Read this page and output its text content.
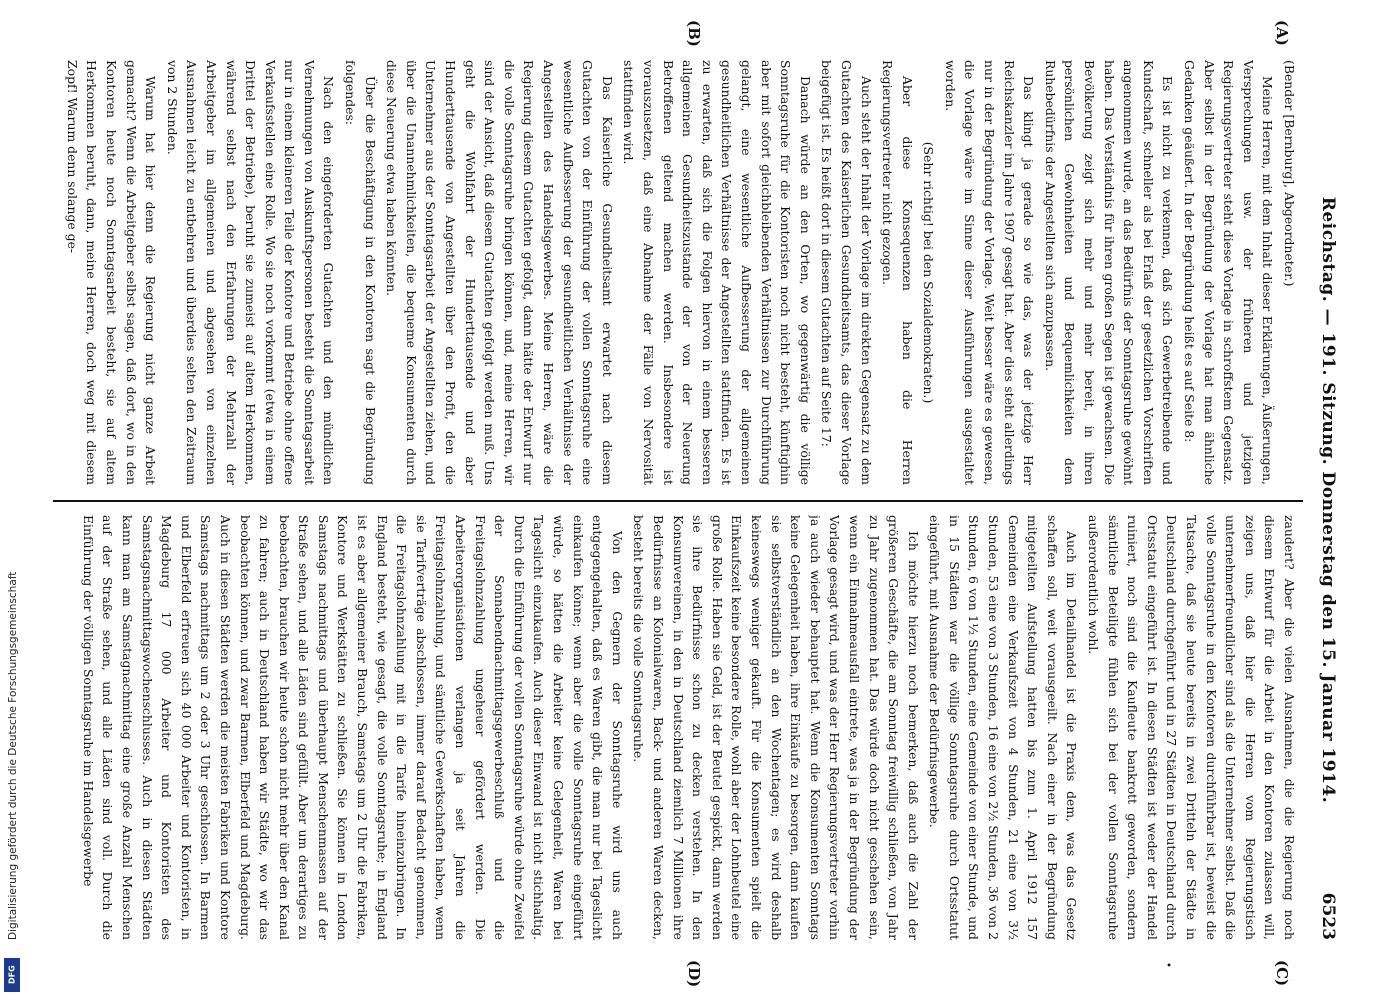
Reichstag. — 191. Sitzung. Donnerstag den 15. Januar 1914.
6523
(A)
(B)
(C)
(D)	•

(Bender [Bernburg], Abgeordneter.)

Meine Herren, mit dem Inhalt dieser Erklärungen, Äußerungen, Versprechungen usw. der früheren und jetzigen Regierungsvertreter steht diese Vorlage in schroffstem Gegensatz. Aber selbst in der Begründung der Vorlage hat man ähnliche Gedanken geäußert. In der Begründung heißt es auf Seite 8:

Es ist nicht zu verkennen, daß sich Gewerbetreibende und Kundschaft, schneller als bei Erlaß der gesetzlichen Vorschriften angenommen wurde, an das Bedürfnis der Sonntagsruhe gewöhnt haben. Das Verständnis für ihren großen Segen ist gewachsen. Die Bevölkerung zeigt sich mehr und mehr bereit, in ihren persönlichen Gewohnheiten und Bequemlichkeiten dem Ruhebedürfnis der Angestellten sich anzupassen.

Das klingt ja gerade so wie das, was der jetzige Herr Reichskanzler im Jahre 1907 gesagt hat. Aber dies steht allerdings nur in der Begründung der Vorlage. Weit besser wäre es gewesen, die Vorlage wäre im Sinne dieser Ausführungen ausgestaltet worden.

(Sehr richtig! bei den Sozialdemokraten.)

Aber diese Konsequenzen haben die Herren Regierungsvertreter nicht gezogen.

Auch steht der Inhalt der Vorlage im direkten Gegensatz zu dem Gutachten des Kaiserlichen Gesundheitsamts, das dieser Vorlage beigefügt ist. Es heißt dort in diesem Gutachten auf Seite 17:

Danach würde an den Orten, wo gegenwärtig die völlige Sonntagsruhe für die Kontoristen noch nicht besteht, künftighin aber mit sofort gleichbleibenden Verhältnissen zur Durchführung gelangt, eine wesentliche Aufbesserung der allgemeinen gesundheitlichen Verhältnisse der Angestellten stattfinden. Es ist zu erwarten, daß sich die Folgen hiervon in einem besseren allgemeinen Gesundheitszustande der von der Neuerung Betroffenen geltend machen werden. Insbesondere ist vorauszusetzen, daß eine Abnahme der Fälle von Nervosität stattfinden wird.

Das Kaiserliche Gesundheitsamt erwartet nach diesem Gutachten von der Einführung der vollen Sonntagsruhe eine wesentliche Aufbesserung der gesundheitlichen Verhältnisse der Angestellten des Handelsgewerbes. Meine Herren, wäre die Regierung diesem Gutachten gefolgt, dann hätte der Entwurf nur die volle Sonntagsruhe bringen können, und, meine Herren, wir sind der Ansicht, daß diesem Gutachten gefolgt werden muß. Uns geht die Wohlfahrt der Hunderttausende und aber Hunderttausende von Angestellten über den Profit, den die Unternehmer aus der Sonntagsarbeit der Angestellten ziehen, und über die Unannehmlichkeiten, die bequeme Konsumenten durch diese Neuerung etwa haben könnten.

Über die Beschäftigung in den Kontoren sagt die Begründung folgendes:

Nach den eingeforderten Gutachten und den mündlichen Vernehmungen von Auskunftspersonen besteht die Sonntagsarbeit nur in einem kleineren Teile der Kontore und Betriebe ohne offene Verkaufsstellen eine Rolle. Wo sie noch vorkommt (etwa in einem Drittel der Betriebe), beruht sie zumeist auf altem Herkommen, während selbst nach den Erfahrungen der Mehrzahl der Arbeitgeber im allgemeinen und abgesehen von einzelnen Ausnahmen leicht zu entbehren und überdies selten den Zeitraum von 2 Stunden.

Warum hat hier denn die Regierung nicht ganze Arbeit gemacht? Wenn die Arbeitgeber selbst sagen, daß dort, wo in den Kontoren heute noch Sonntagsarbeit besteht, sie auf altem Herkommen beruht, dann, meine Herren, doch weg mit diesem Zopf! Warum denn solange ge-

zaudert? Aber die vielen Ausnahmen, die die Regierung noch diesem Entwurf für die Arbeit in den Kontoren zulassen will, zeigen uns, daß hier die Herren vom Regierungstisch unternehmerfreundlicher sind als die Unternehmer selbst. Daß die volle Sonntagsruhe in den Kontoren durchführbar ist, beweist die Tatsache, daß sie heute bereits in zwei Dritteln der Städte in Deutschland durchgeführt und in 27 Städten in Deutschland durch Ortsstatut eingeführt ist. In diesen Städten ist weder der Handel ruiniert, noch sind die Kaufleute bankrott geworden, sondern sämtliche Beteiligte fühlen sich bei der vollen Sonntagsruhe außerordentlich wohl.

Auch im Detailhandel ist die Praxis dem, was das Gesetz schaffen soll, weit vorausgeeilt. Nach einer in der Begründung mitgeteilten Aufstellung hatten bis zum 1. April 1912 157 Gemeinden eine Verkaufszeit von 4 Stunden, 21 eine von 3½ Stunden, 53 eine von 3 Stunden, 16 eine von 2½ Stunden, 36 von 2 Stunden, 6 von 1½ Stunden, eine Gemeinde von einer Stunde, und in 15 Städten war die völlige Sonntagsruhe durch Ortsstatut eingeführt, mit Ausnahme der Bedürfnisgewerbe.

Ich möchte hierzu noch bemerken, daß auch die Zahl der größeren Geschäfte, die am Sonntag freiwillig schließen, von Jahr zu Jahr zugenommen hat. Das würde doch nicht geschehen sein, wenn ein Einnahmeausfall eintrete, was ja in der Begründung der Vorlage gesagt wird, und was der Herr Regierungsvertreter vorhin ja auch wieder behauptet hat. Wenn die Konsumenten Sonntags keine Gelegenheit haben, ihre Einkäufe zu besorgen, dann kaufen sie selbstverständlich an den Wochentagen; es wird deshalb keineswegs weniger gekauft. Für die Konsumenten spielt die Einkaufszeit keine besondere Rolle, wohl aber der Lohnbeutel eine große Rolle. Haben sie Geld, ist der Beutel gespickt, dann werden sie ihre Bedürfnisse schon zu decken verstehen. In den Konsumvereinen, in den in Deutschland ziemlich 7 Millionen ihre Bedürfnisse an Kolonialwaren, Back- und anderen Waren decken, besteht bereits die volle Sonntagsruhe.

Von den Gegnern der Sonntagsruhe wird uns auch entgegengehalten, daß es Waren gibt, die man nur bei Tageslicht einkaufen könne; wenn aber die volle Sonntagsruhe eingeführt würde, so hätten die Arbeiter keine Gelegenheit, Waren bei Tageslicht einzukaufen. Auch dieser Einwand ist nicht stichhaltig. Durch die Einführung der vollen Sonntagsruhe würde ohne Zweifel der Sonnabendnachmittagsgewerbeschluß und die Freitagslohnzahlung ungeheuer gefördert werden. Die Arbeiterorganisationen verlangen ja seit Jahren die Freitagslohnzahlung, und sämtliche Gewerkschaften haben, wenn sie Tarifverträge abschlossen, immer darauf Bedacht genommen, die Freitagslohnzahlung mit in die Tarife hineinzubringen. In England besteht, wie gesagt, die volle Sonntagsruhe; in England ist es aber allgemeiner Brauch, Samstags um 2 Uhr die Fabriken, Kontore und Werkstätten zu schließen. Sie können in London Samstags nachmittags und überhaupt Menschenmassen auf der Straße sehen, und alle Läden sind gefüllt. Aber um derartiges zu beobachten, brauchen wir heute schon nicht mehr über den Kanal zu fahren; auch in Deutschland haben wir Städte, wo wir das beobachten können, und zwar Barmen, Elberfeld und Magdeburg. Auch in diesen Städten werden die meisten Fabriken und Kontore Samstags nachmittags um 2 oder 3 Uhr geschlossen. In Barmen und Elberfeld erfreuen sich 40 000 Arbeiter und Kontoristen, in Magdeburg 17 000 Arbeiter und Kontoristen des Samstagsnachmittagswochenschlusses. Auch in diesen Städten kann man am Samstagnachmittag eine große Anzahl Menschen auf der Straße sehen, und alle Läden sind voll. Durch die Einführung der völligen Sonntagsruhe im Handelsgewerbe

Digitalisierung gefördert durch die Deutsche Forschungsgemeinschaft
DFG
